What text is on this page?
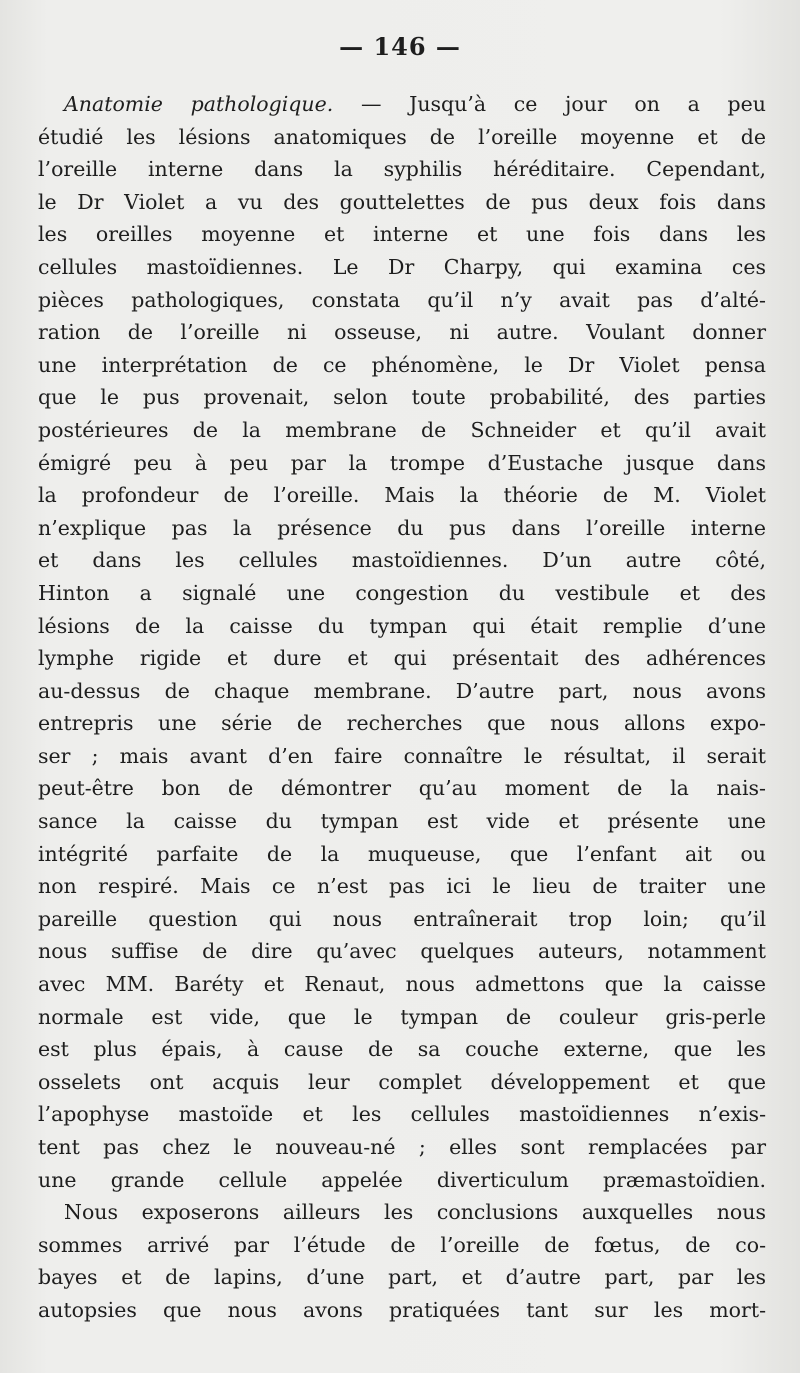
— 146 —
Anatomie pathologique. — Jusqu’à ce jour on a peu
étudié les lésions anatomiques de l’oreille moyenne et de
l’oreille interne dans la syphilis héréditaire. Cependant,
le Dr Violet a vu des gouttelettes de pus deux fois dans
les oreilles moyenne et interne et une fois dans les
cellules mastoïdiennes. Le Dr Charpy, qui examina ces
pièces pathologiques, constata qu’il n’y avait pas d’alté-
ration de l’oreille ni osseuse, ni autre. Voulant donner
une interprétation de ce phénomène, le Dr Violet pensa
que le pus provenait, selon toute probabilité, des parties
postérieures de la membrane de Schneider et qu’il avait
émigré peu à peu par la trompe d’Eustache jusque dans
la profondeur de l’oreille. Mais la théorie de M. Violet
n’explique pas la présence du pus dans l’oreille interne
et dans les cellules mastoïdiennes. D’un autre côté,
Hinton a signalé une congestion du vestibule et des
lésions de la caisse du tympan qui était remplie d’une
lymphe rigide et dure et qui présentait des adhérences
au-dessus de chaque membrane. D’autre part, nous avons
entrepris une série de recherches que nous allons expo-
ser ; mais avant d’en faire connaître le résultat, il serait
peut-être bon de démontrer qu’au moment de la nais-
sance la caisse du tympan est vide et présente une
intégrité parfaite de la muqueuse, que l’enfant ait ou
non respiré. Mais ce n’est pas ici le lieu de traiter une
pareille question qui nous entraînerait trop loin; qu’il
nous suffise de dire qu’avec quelques auteurs, notamment
avec MM. Baréty et Renaut, nous admettons que la caisse
normale est vide, que le tympan de couleur gris-perle
est plus épais, à cause de sa couche externe, que les
osselets ont acquis leur complet développement et que
l’apophyse mastoïde et les cellules mastoïdiennes n’exis-
tent pas chez le nouveau-né ; elles sont remplacées par
une grande cellule appelée diverticulum præmastoïdien.
Nous exposerons ailleurs les conclusions auxquelles nous
sommes arrivé par l’étude de l’oreille de fœtus, de co-
bayes et de lapins, d’une part, et d’autre part, par les
autopsies que nous avons pratiquées tant sur les mort-
